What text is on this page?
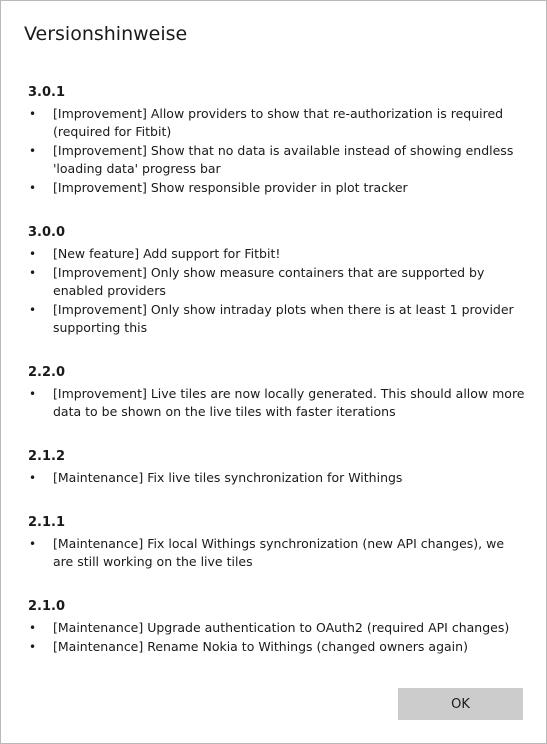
Versionshinweise
3.0.1
• [Improvement] Allow providers to show that re-authorization is required (required for Fitbit)
• [Improvement] Show that no data is available instead of showing endless 'loading data' progress bar
• [Improvement] Show responsible provider in plot tracker
3.0.0
• [New feature] Add support for Fitbit!
• [Improvement] Only show measure containers that are supported by enabled providers
• [Improvement] Only show intraday plots when there is at least 1 provider supporting this
2.2.0
• [Improvement] Live tiles are now locally generated. This should allow more data to be shown on the live tiles with faster iterations
2.1.2
• [Maintenance] Fix live tiles synchronization for Withings
2.1.1
• [Maintenance] Fix local Withings synchronization (new API changes), we are still working on the live tiles
2.1.0
• [Maintenance] Upgrade authentication to OAuth2 (required API changes)
• [Maintenance] Rename Nokia to Withings (changed owners again)
OK
